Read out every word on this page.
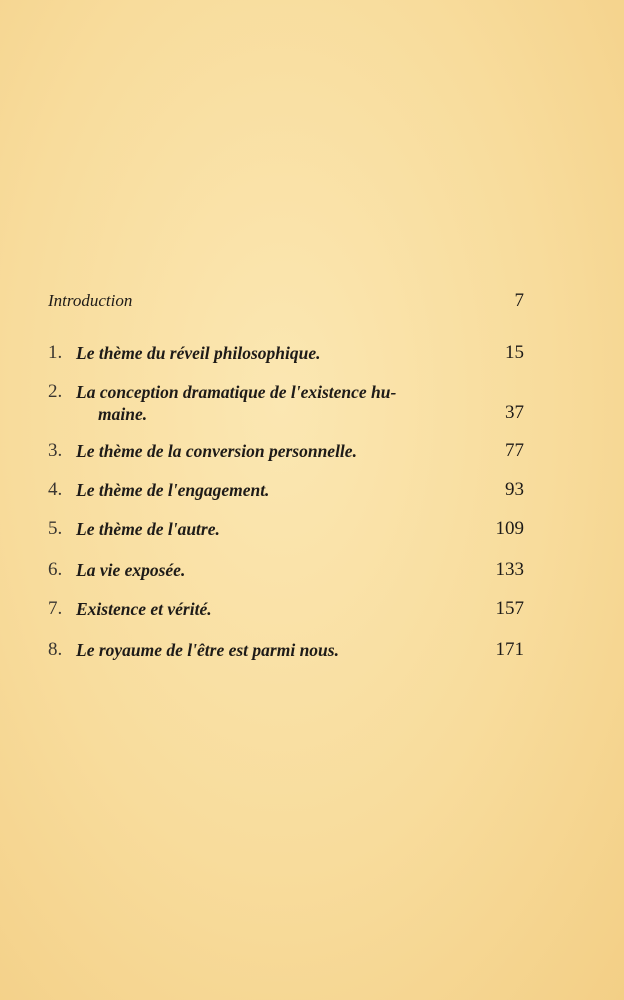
Introduction	7
1. Le thème du réveil philosophique.	15
2. La conception dramatique de l'existence hu-
maine.	37
3. Le thème de la conversion personnelle.	77
4. Le thème de l'engagement.	93
5. Le thème de l'autre.	109
6. La vie exposée.	133
7. Existence et vérité.	157
8. Le royaume de l'être est parmi nous.	171
